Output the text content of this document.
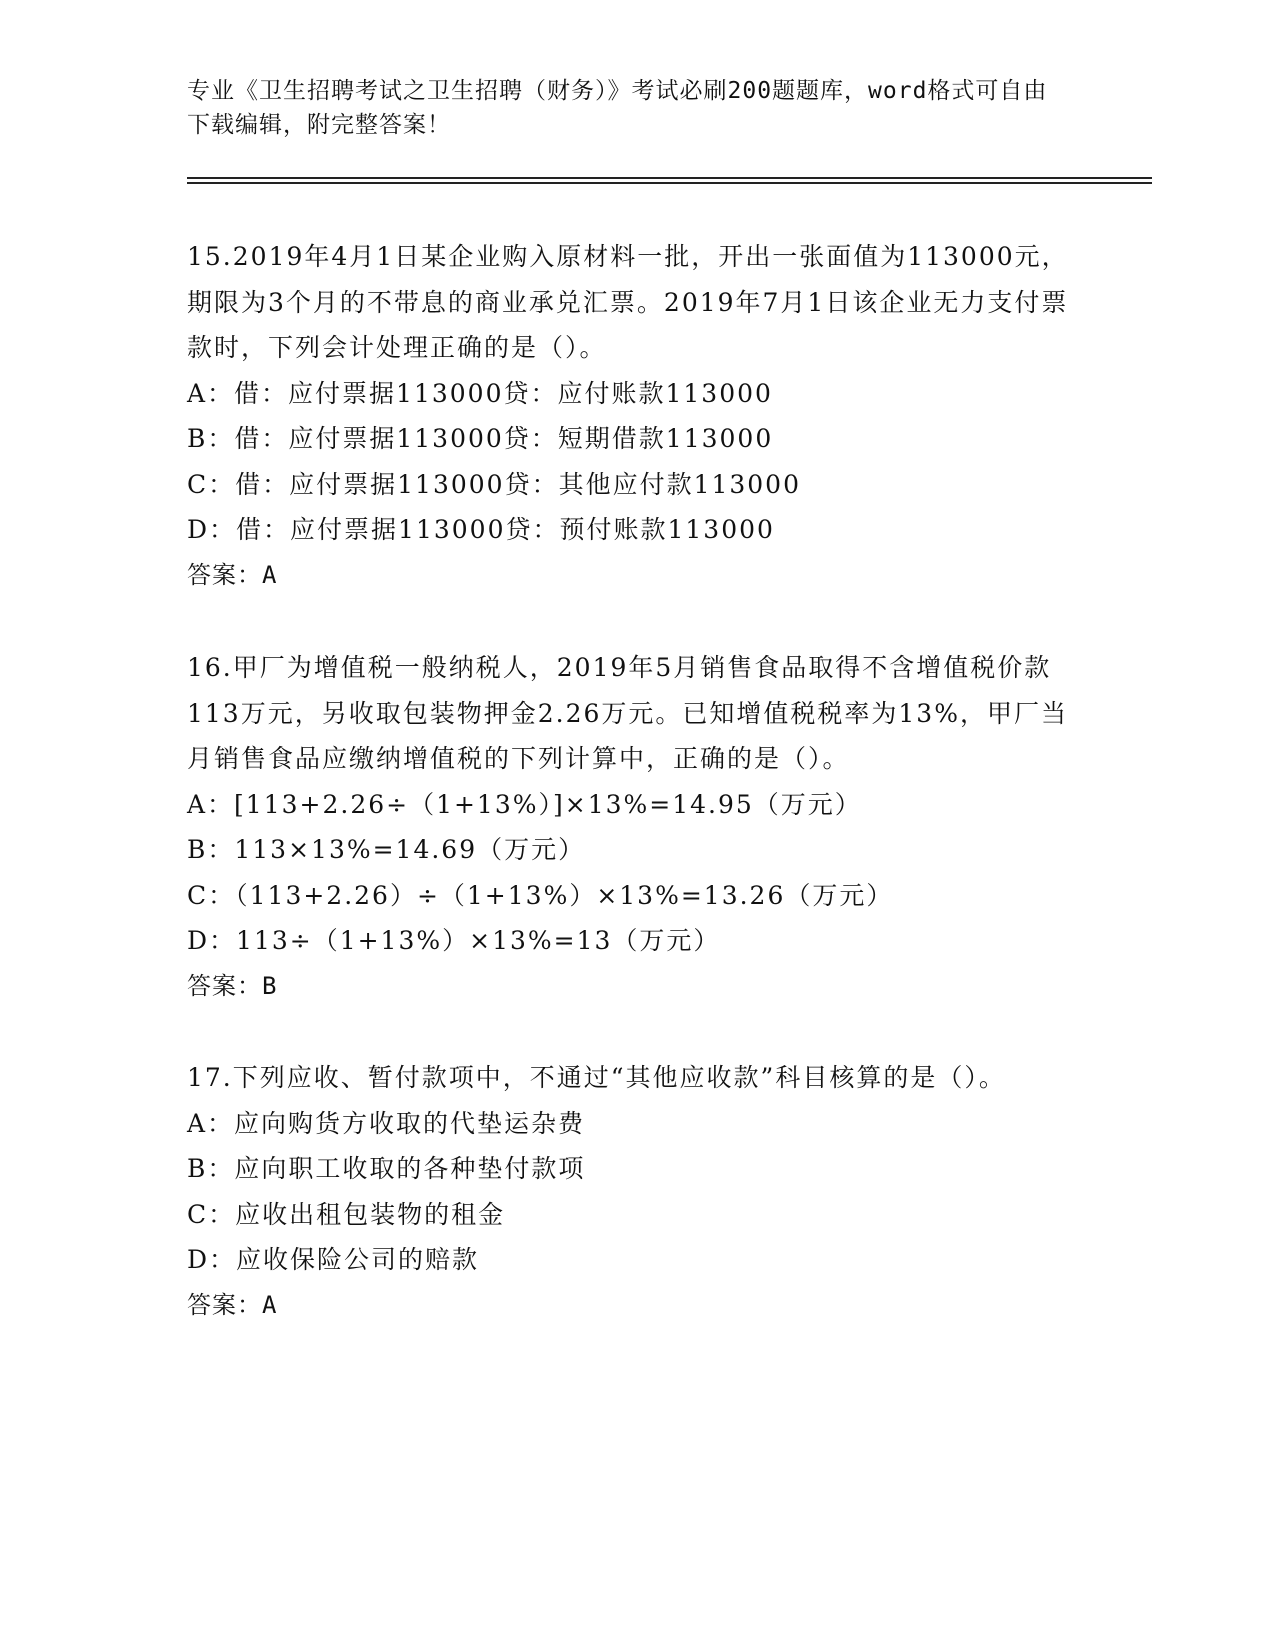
专业《卫生招聘考试之卫生招聘（财务）》考试必刷200题题库，word格式可自由下载编辑，附完整答案！
15.2019年4月1日某企业购入原材料一批，开出一张面值为113000元，期限为3个月的不带息的商业承兑汇票。2019年7月1日该企业无力支付票款时，下列会计处理正确的是（）。
A：借：应付票据113000贷：应付账款113000
B：借：应付票据113000贷：短期借款113000
C：借：应付票据113000贷：其他应付款113000
D：借：应付票据113000贷：预付账款113000
答案：A
16.甲厂为增值税一般纳税人，2019年5月销售食品取得不含增值税价款113万元，另收取包装物押金2.26万元。已知增值税税率为13%，甲厂当月销售食品应缴纳增值税的下列计算中，正确的是（）。
A：[113+2.26÷（1+13%）]×13%=14.95（万元）
B：113×13%=14.69（万元）
C：（113+2.26）÷（1+13%）×13%=13.26（万元）
D：113÷（1+13%）×13%=13（万元）
答案：B
17.下列应收、暂付款项中，不通过“其他应收款”科目核算的是（）。
A：应向购货方收取的代垫运杂费
B：应向职工收取的各种垫付款项
C：应收出租包装物的租金
D：应收保险公司的赔款
答案：A
